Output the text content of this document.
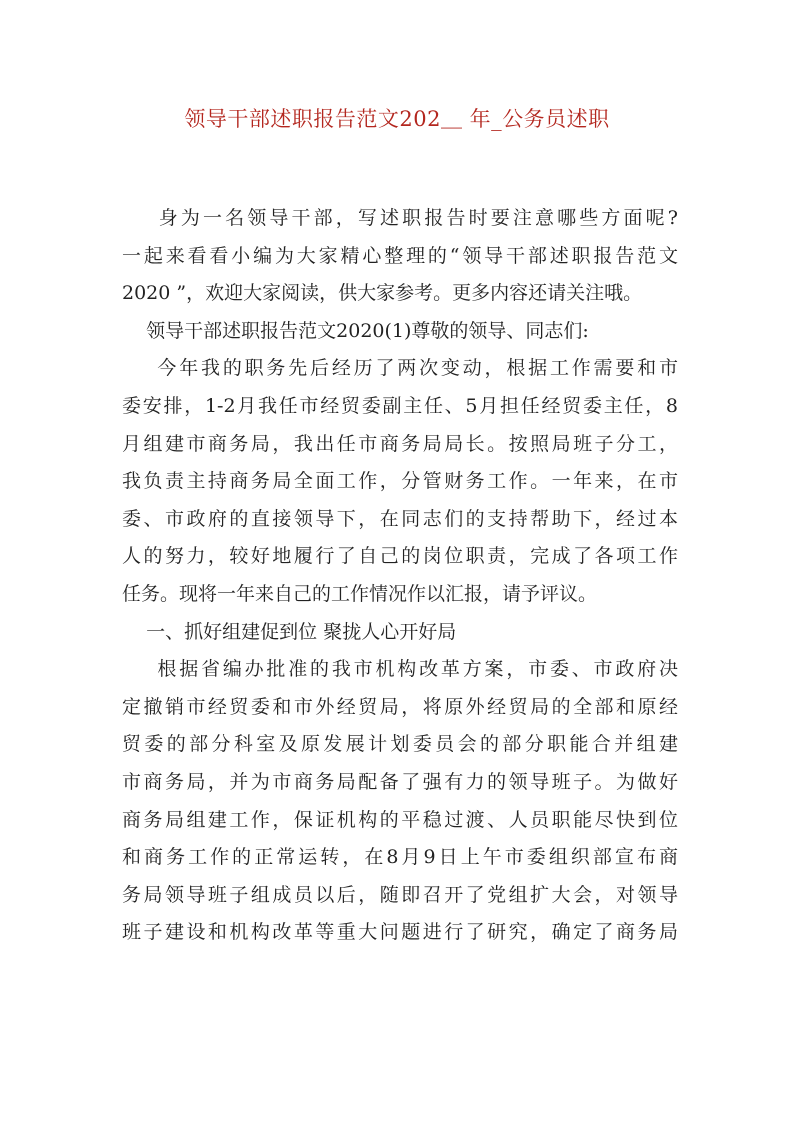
领导干部述职报告范文202＿ 年_公务员述职
身为一名领导干部，写述职报告时要注意哪些方面呢?
一起来看看小编为大家精心整理的“领导干部述职报告范文
2020 ”，欢迎大家阅读，供大家参考。更多内容还请关注哦。
领导干部述职报告范文2020(1)尊敬的领导、同志们:
今年我的职务先后经历了两次变动，根据工作需要和市
委安排，1-2月我任市经贸委副主任、5月担任经贸委主任，8
月组建市商务局，我出任市商务局局长。按照局班子分工，
我负责主持商务局全面工作，分管财务工作。一年来，在市
委、市政府的直接领导下，在同志们的支持帮助下，经过本
人的努力，较好地履行了自己的岗位职责，完成了各项工作
任务。现将一年来自己的工作情况作以汇报，请予评议。
一、抓好组建促到位 聚拢人心开好局
根据省编办批准的我市机构改革方案，市委、市政府决
定撤销市经贸委和市外经贸局，将原外经贸局的全部和原经
贸委的部分科室及原发展计划委员会的部分职能合并组建
市商务局，并为市商务局配备了强有力的领导班子。为做好
商务局组建工作，保证机构的平稳过渡、人员职能尽快到位
和商务工作的正常运转，在8月9日上午市委组织部宣布商
务局领导班子组成员以后，随即召开了党组扩大会，对领导
班子建设和机构改革等重大问题进行了研究，确定了商务局
